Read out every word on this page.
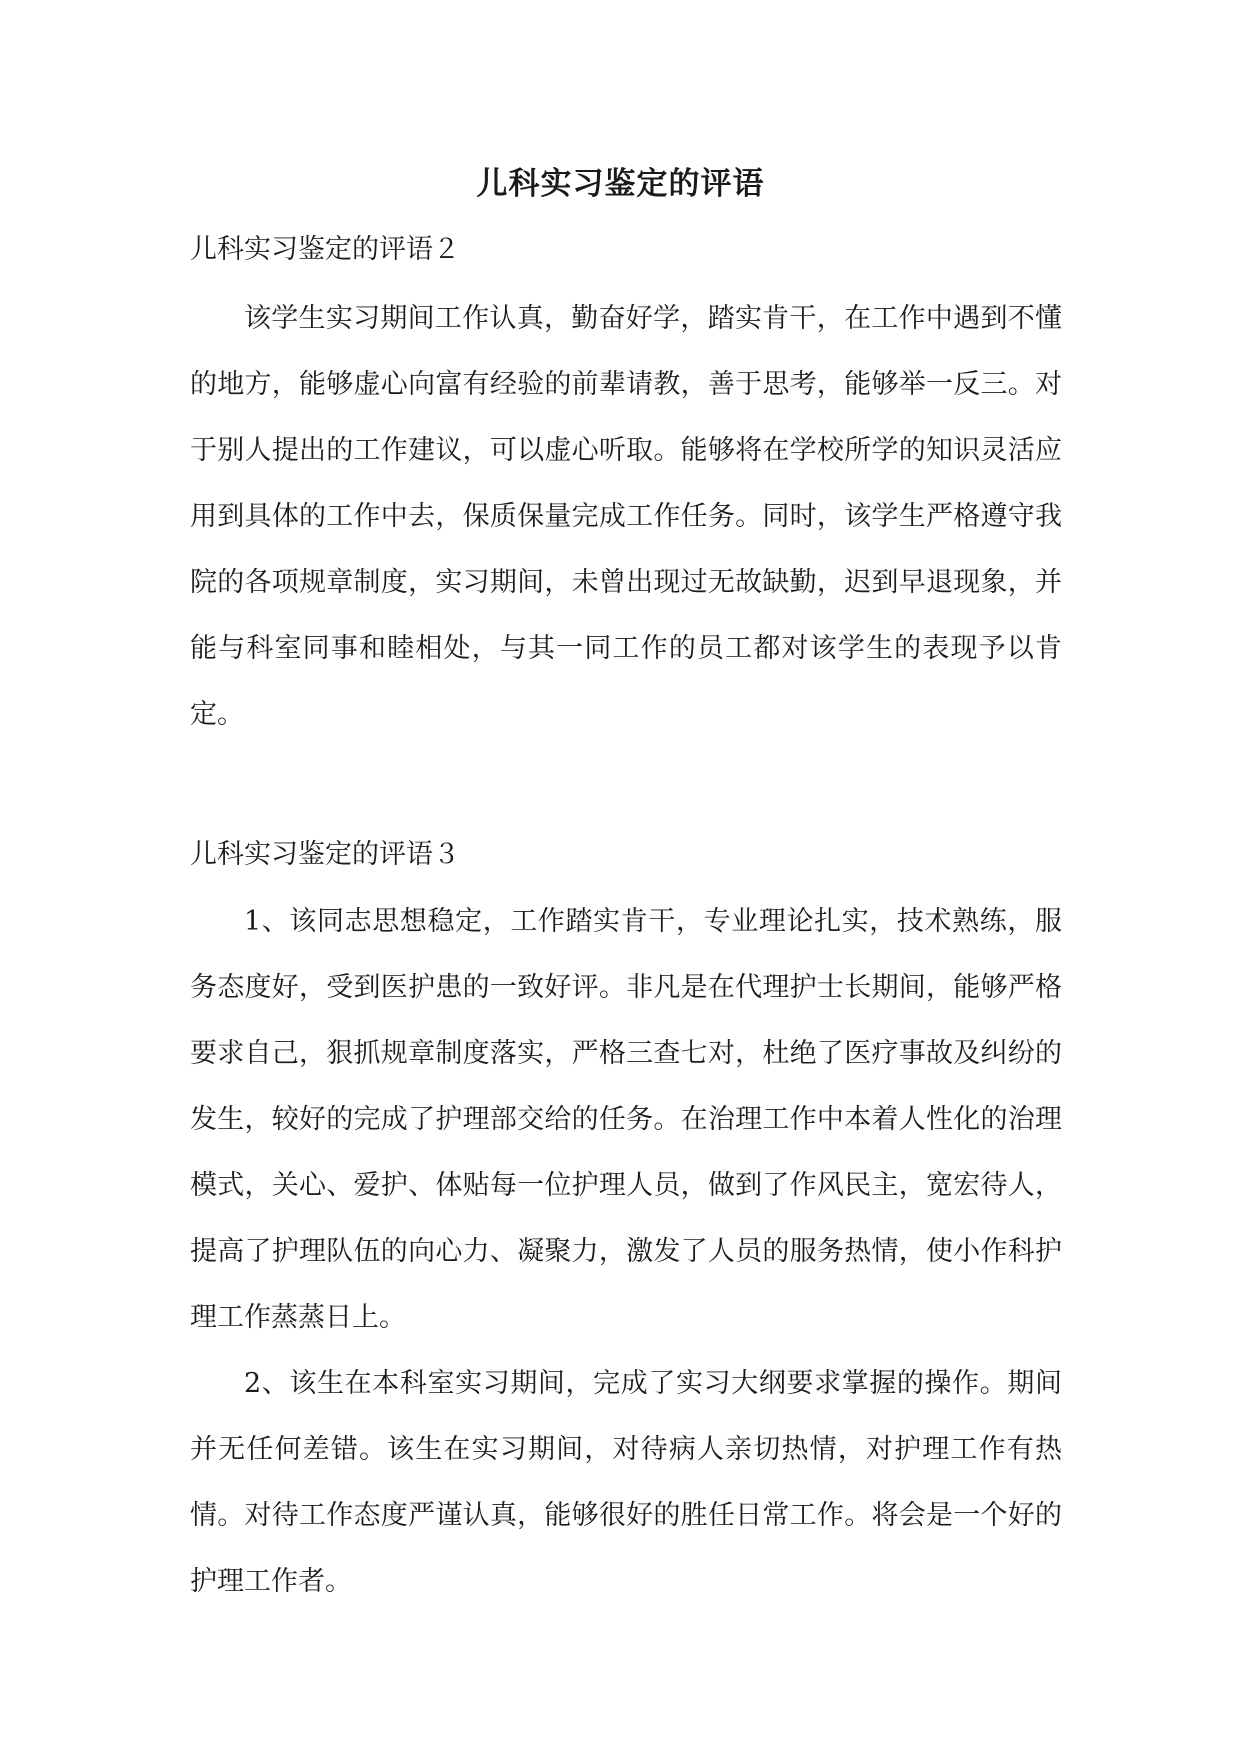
儿科实习鉴定的评语

儿科实习鉴定的评语２

该学生实习期间工作认真，勤奋好学，踏实肯干，在工作中遇到不懂的地方，能够虚心向富有经验的前辈请教，善于思考，能够举一反三。对于别人提出的工作建议，可以虚心听取。能够将在学校所学的知识灵活应用到具体的工作中去，保质保量完成工作任务。同时，该学生严格遵守我院的各项规章制度，实习期间，未曾出现过无故缺勤，迟到早退现象，并能与科室同事和睦相处，与其一同工作的员工都对该学生的表现予以肯定。

儿科实习鉴定的评语３

1、该同志思想稳定，工作踏实肯干，专业理论扎实，技术熟练，服务态度好，受到医护患的一致好评。非凡是在代理护士长期间，能够严格要求自己，狠抓规章制度落实，严格三查七对，杜绝了医疗事故及纠纷的发生，较好的完成了护理部交给的任务。在治理工作中本着人性化的治理模式，关心、爱护、体贴每一位护理人员，做到了作风民主，宽宏待人，提高了护理队伍的向心力、凝聚力，激发了人员的服务热情，使小作科护理工作蒸蒸日上。

2、该生在本科室实习期间，完成了实习大纲要求掌握的操作。期间并无任何差错。该生在实习期间，对待病人亲切热情，对护理工作有热情。对待工作态度严谨认真，能够很好的胜任日常工作。将会是一个好的护理工作者。
